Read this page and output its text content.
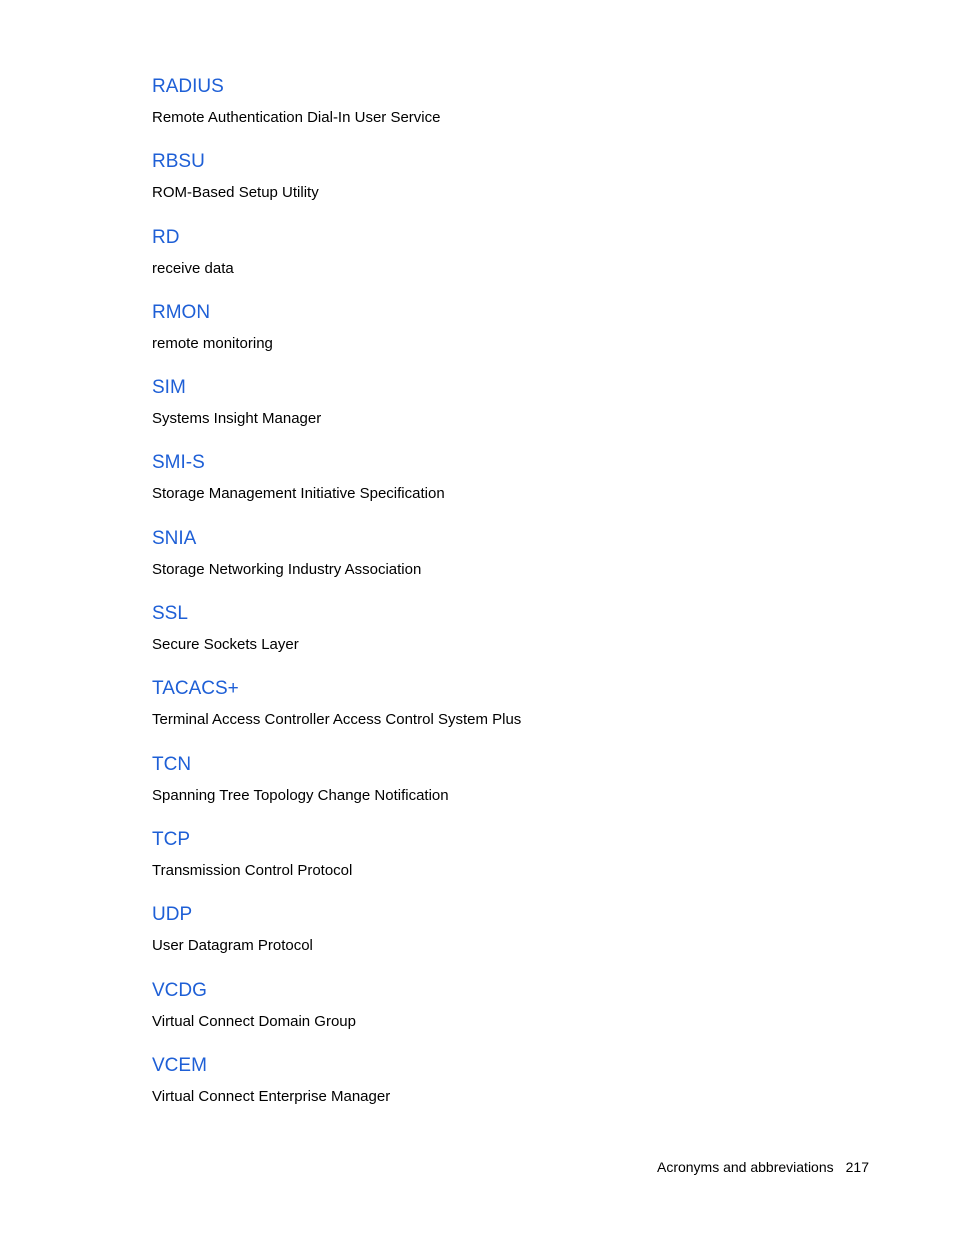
RADIUS
Remote Authentication Dial-In User Service
RBSU
ROM-Based Setup Utility
RD
receive data
RMON
remote monitoring
SIM
Systems Insight Manager
SMI-S
Storage Management Initiative Specification
SNIA
Storage Networking Industry Association
SSL
Secure Sockets Layer
TACACS+
Terminal Access Controller Access Control System Plus
TCN
Spanning Tree Topology Change Notification
TCP
Transmission Control Protocol
UDP
User Datagram Protocol
VCDG
Virtual Connect Domain Group
VCEM
Virtual Connect Enterprise Manager
Acronyms and abbreviations 217
